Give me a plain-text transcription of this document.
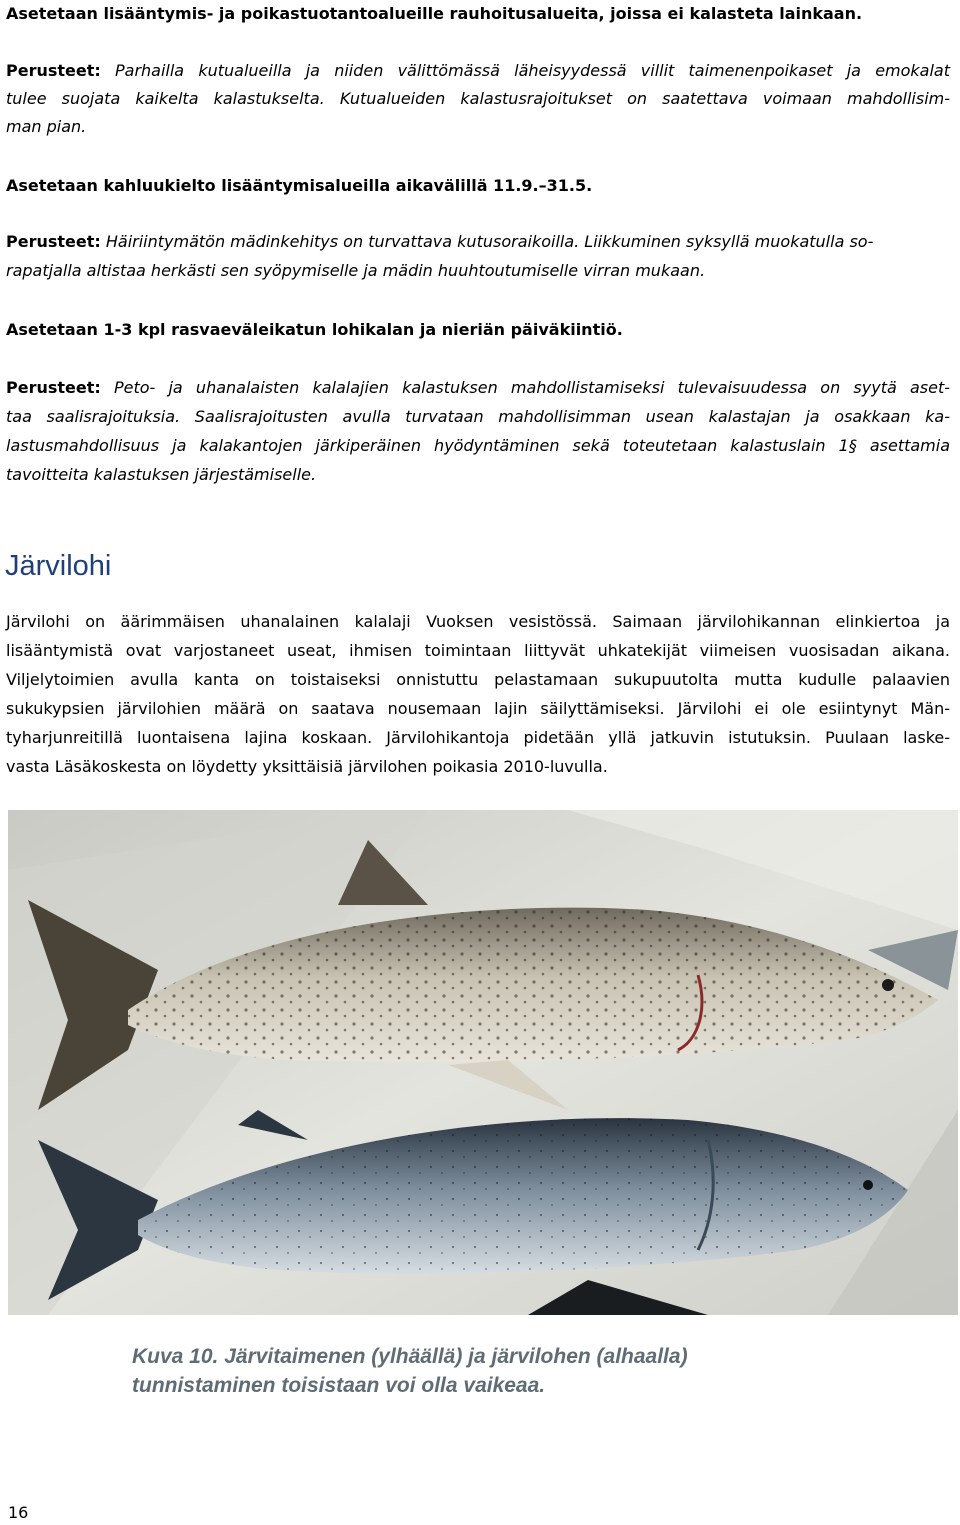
Asetetaan lisääntymis- ja poikastuotantoalueille rauhoitusalueita, joissa ei kalasteta lainkaan.
Perusteet: Parhailla kutualueilla ja niiden välittömässä läheisyydessä villit taimenenpoikaset ja emokalat
tulee suojata kaikelta kalastukselta. Kutualueiden kalastusrajoitukset on saatettava voimaan mahdollisim-
man pian.
Asetetaan kahluukielto lisääntymisalueilla aikavälillä 11.9.–31.5.
Perusteet: Häiriintymätön mädinkehitys on turvattava kutusoraikoilla. Liikkuminen syksyllä muokatulla so-
rapatjalla altistaa herkästi sen syöpymiselle ja mädin huuhtoutumiselle virran mukaan.
Asetetaan 1-3 kpl rasvaeväleikatun lohikalan ja nieriän päiväkiintiö.
Perusteet: Peto- ja uhanalaisten kalalajien kalastuksen mahdollistamiseksi tulevaisuudessa on syytä aset-
taa saalisrajoituksia. Saalisrajoitusten avulla turvataan mahdollisimman usean kalastajan ja osakkaan ka-
lastusmahdollisuus ja kalakantojen järkiperäinen hyödyntäminen sekä toteutetaan kalastuslain 1§ asettamia
tavoitteita kalastuksen järjestämiselle.
Järvilohi
Järvilohi on äärimmäisen uhanalainen kalalaji Vuoksen vesistössä. Saimaan järvilohikannan elinkiertoa ja
lisääntymistä ovat varjostaneet useat, ihmisen toimintaan liittyvät uhkatekijät viimeisen vuosisadan aikana.
Viljelytoimien avulla kanta on toistaiseksi onnistuttu pelastamaan sukupuutolta mutta kudulle palaavien
sukukypsien järvilohien määrä on saatava nousemaan lajin säilyttämiseksi. Järvilohi ei ole esiintynyt Män-
tyharjunreitillä luontaisena lajina koskaan. Järvilohikantoja pidetään yllä jatkuvin istutuksin. Puulaan laske-
vasta Läsäkoskesta on löydetty yksittäisiä järvilohen poikasia 2010-luvulla.
Kuva 10. Järvitaimenen (ylhäällä) ja järvilohen (alhaalla)
tunnistaminen toisistaan voi olla vaikeaa.
16
